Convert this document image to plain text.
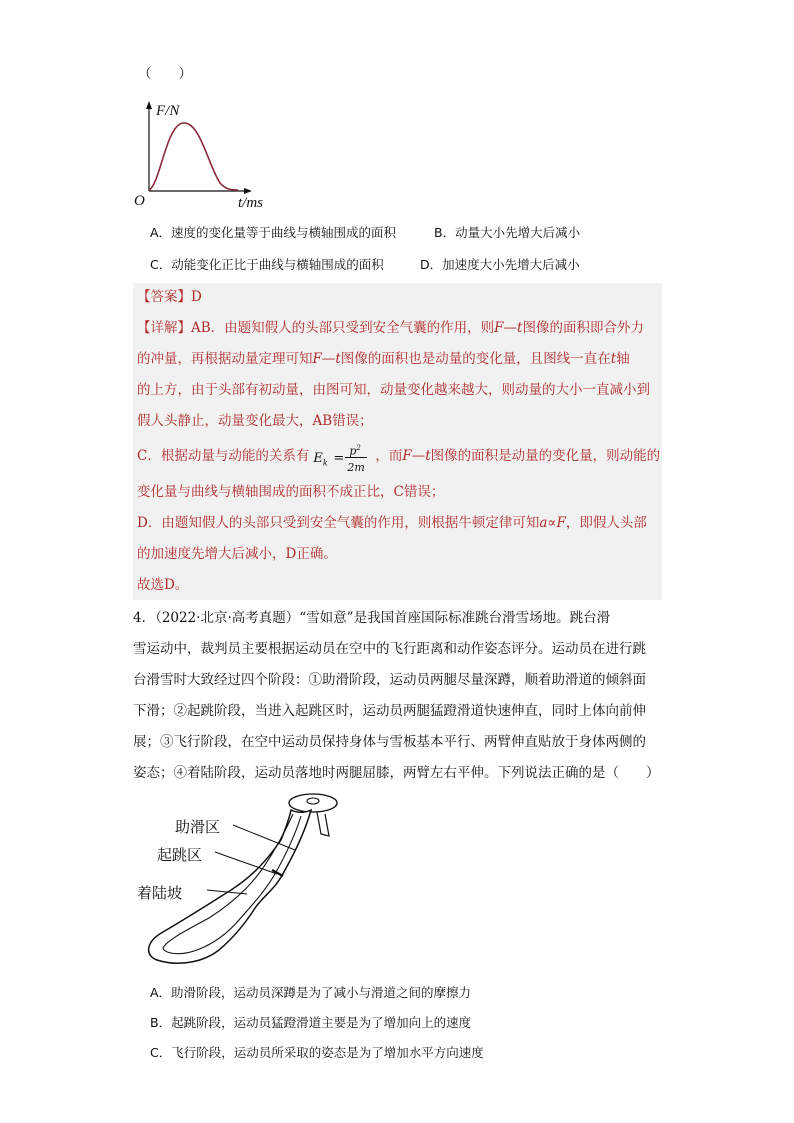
（　　）
F/N
O	t/ms
A．速度的变化量等于曲线与横轴围成的面积	B．动量大小先增大后减小
C．动能变化正比于曲线与横轴围成的面积	D．加速度大小先增大后减小
【答案】D
【详解】AB．由题知假人的头部只受到安全气囊的作用，则F—t图像的面积即合外力
的冲量，再根据动量定理可知F—t图像的面积也是动量的变化量，且图线一直在t轴
的上方，由于头部有初动量，由图可知，动量变化越来越大，则动量的大小一直减小到
假人头静止，动量变化最大，AB错误；
C．根据动量与动能的关系有 $E_k = p^2$
2m
，而F—t图像的面积是动量的变化量，则动能的
变化量与曲线与横轴围成的面积不成正比，C错误；
D．由题知假人的头部只受到安全气囊的作用，则根据牛顿定律可知a∝F，即假人头部
的加速度先增大后减小，D正确。
故选D。
4．（2022·北京·高考真题）“雪如意”是我国首座国际标准跳台滑雪场地。跳台滑
雪运动中，裁判员主要根据运动员在空中的飞行距离和动作姿态评分。运动员在进行跳
台滑雪时大致经过四个阶段：①助滑阶段，运动员两腿尽量深蹲，顺着助滑道的倾斜面
下滑；②起跳阶段，当进入起跳区时，运动员两腿猛蹬滑道快速伸直，同时上体向前伸
展；③飞行阶段，在空中运动员保持身体与雪板基本平行、两臂伸直贴放于身体两侧的
姿态；④着陆阶段，运动员落地时两腿屈膝，两臂左右平伸。下列说法正确的是（　　）
助滑区
起跳区
着陆坡
A．助滑阶段，运动员深蹲是为了减小与滑道之间的摩擦力
B．起跳阶段，运动员猛蹬滑道主要是为了增加向上的速度
C．飞行阶段，运动员所采取的姿态是为了增加水平方向速度
